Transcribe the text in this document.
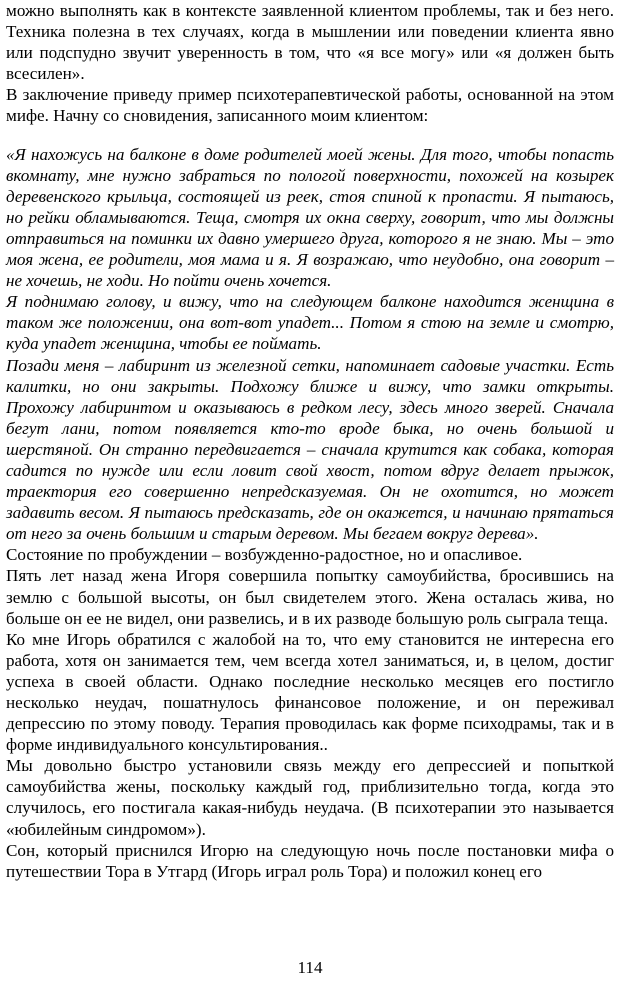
можно выполнять как в контексте заявленной клиентом проблемы, так и без него. Техника полезна в тех случаях, когда в мышлении или поведении клиента явно или подспудно звучит уверенность в том, что «я все могу» или «я должен быть всесилен».

В заключение приведу пример психотерапевтической работы, основанной на этом мифе. Начну со сновидения, записанного моим клиентом:

«Я нахожусь на балконе в доме родителей моей жены. Для того, чтобы попасть вкомнату, мне нужно забраться по пологой поверхности, похожей на козырек деревенского крыльца, состоящей из реек, стоя спиной к пропасти. Я пытаюсь, но рейки обламываются. Теща, смотря их окна сверху, говорит, что мы должны отправиться на поминки их давно умершего друга, которого я не знаю. Мы – это моя жена, ее родители, моя мама и я. Я возражаю, что неудобно, она говорит – не хочешь, не ходи. Но пойти очень хочется.

Я поднимаю голову, и вижу, что на следующем балконе находится женщина в таком же положении, она вот-вот упадет... Потом я стою на земле и смотрю, куда упадет женщина, чтобы ее поймать.

Позади меня – лабиринт из железной сетки, напоминает садовые участки. Есть калитки, но они закрыты. Подхожу ближе и вижу, что замки открыты. Прохожу лабиринтом и оказываюсь в редком лесу, здесь много зверей. Сначала бегут лани, потом появляется кто-то вроде быка, но очень большой и шерстяной. Он странно передвигается – сначала крутится как собака, которая садится по нужде или если ловит свой хвост, потом вдруг делает прыжок, траектория его совершенно непредсказуемая. Он не охотится, но может задавить весом. Я пытаюсь предсказать, где он окажется, и начинаю прятаться от него за очень большим и старым деревом. Мы бегаем вокруг дерева».

Состояние по пробуждении – возбужденно-радостное, но и опасливое.

Пять лет назад жена Игоря совершила попытку самоубийства, бросившись на землю с большой высоты, он был свидетелем этого. Жена осталась жива, но больше он ее не видел, они развелись, и в их разводе большую роль сыграла теща.

Ко мне Игорь обратился с жалобой на то, что ему становится не интересна его работа, хотя он занимается тем, чем всегда хотел заниматься, и, в целом, достиг успеха в своей области. Однако последние несколько месяцев его постигло несколько неудач, пошатнулось финансовое положение, и он переживал депрессию по этому поводу. Терапия проводилась как форме психодрамы, так и в форме индивидуального консультирования..

Мы довольно быстро установили связь между его депрессией и попыткой самоубийства жены, поскольку каждый год, приблизительно тогда, когда это случилось, его постигала какая-нибудь неудача. (В психотерапии это называется «юбилейным синдромом»).

Сон, который приснился Игорю на следующую ночь после постановки мифа о путешествии Тора в Утгард (Игорь играл роль Тора) и положил конец его

114
